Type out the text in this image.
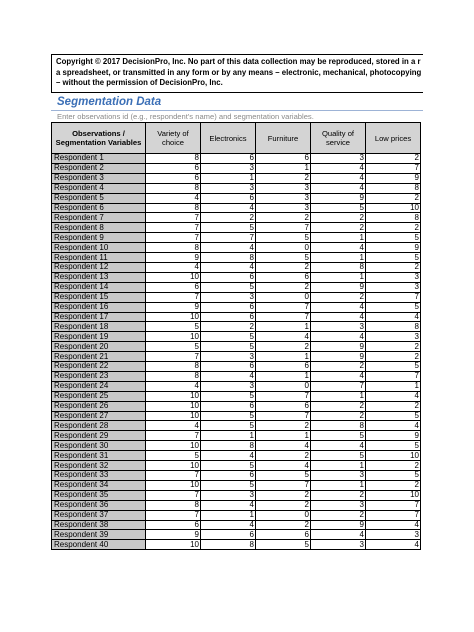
Copyright © 2017 DecisionPro, Inc. No part of this data collection may be reproduced, stored in a r
a spreadsheet, or transmitted in any form or by any means – electronic, mechanical, photocopying
– without the permission of DecisionPro, Inc.
Segmentation Data
Enter observations id (e.g., respondent's name) and segmentation variables.
Observations / Segmentation Variables	Variety of choice	Electronics	Furniture	Quality of service	Low prices
Respondent 1	8	6	6	3	2
Respondent 2	6	3	1	4	7
Respondent 3	6	1	2	4	9
Respondent 4	8	3	3	4	8
Respondent 5	4	6	3	9	2
Respondent 6	8	4	3	5	10
Respondent 7	7	2	2	2	8
Respondent 8	7	5	7	2	2
Respondent 9	7	7	5	1	5
Respondent 10	8	4	0	4	9
Respondent 11	9	8	5	1	5
Respondent 12	4	4	2	8	2
Respondent 13	10	6	6	1	3
Respondent 14	6	5	2	9	3
Respondent 15	7	3	0	2	7
Respondent 16	9	6	7	4	5
Respondent 17	10	6	7	4	4
Respondent 18	5	2	1	3	8
Respondent 19	10	5	4	4	3
Respondent 20	5	5	2	9	2
Respondent 21	7	3	1	9	2
Respondent 22	8	6	6	2	5
Respondent 23	8	4	1	4	7
Respondent 24	4	3	0	7	1
Respondent 25	10	5	7	1	4
Respondent 26	10	6	6	2	2
Respondent 27	10	5	7	2	5
Respondent 28	4	5	2	8	4
Respondent 29	7	1	1	5	9
Respondent 30	10	8	4	4	5
Respondent 31	5	4	2	5	10
Respondent 32	10	5	4	1	2
Respondent 33	7	6	5	3	5
Respondent 34	10	5	7	1	2
Respondent 35	7	3	2	2	10
Respondent 36	8	4	2	3	7
Respondent 37	7	1	0	2	7
Respondent 38	6	4	2	9	4
Respondent 39	9	6	6	4	3
Respondent 40	10	8	5	3	4
